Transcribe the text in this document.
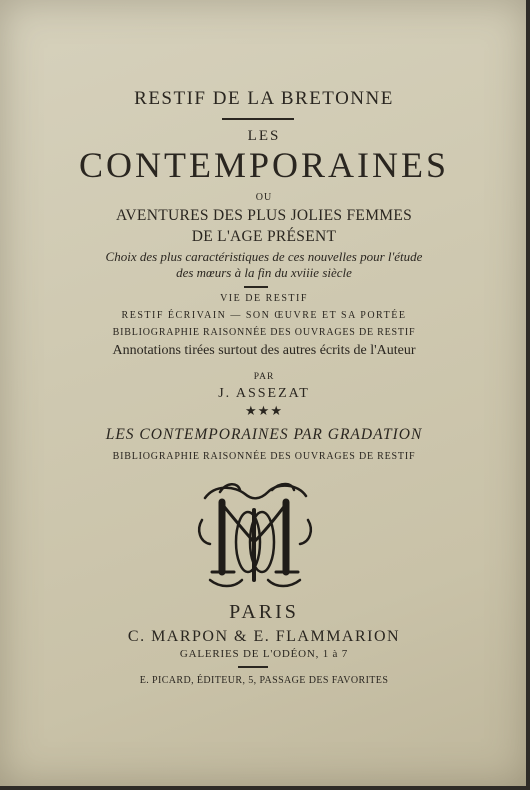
RESTIF DE LA BRETONNE
LES
CONTEMPORAINES
OU
AVENTURES DES PLUS JOLIES FEMMES
DE L'AGE PRÉSENT
Choix des plus caractéristiques de ces nouvelles pour l'étude
des mœurs à la fin du xviiie siècle
VIE DE RESTIF
RESTIF ÉCRIVAIN — SON ŒUVRE ET SA PORTÉE
BIBLIOGRAPHIE RAISONNÉE DES OUVRAGES DE RESTIF
Annotations tirées surtout des autres écrits de l'Auteur
PAR
J. ASSEZAT
★★★
LES CONTEMPORAINES PAR GRADATION
BIBLIOGRAPHIE RAISONNÉE DES OUVRAGES DE RESTIF
PARIS
C. MARPON & E. FLAMMARION
GALERIES DE L'ODÉON, 1 à 7
E. PICARD, ÉDITEUR, 5, PASSAGE DES FAVORITES
